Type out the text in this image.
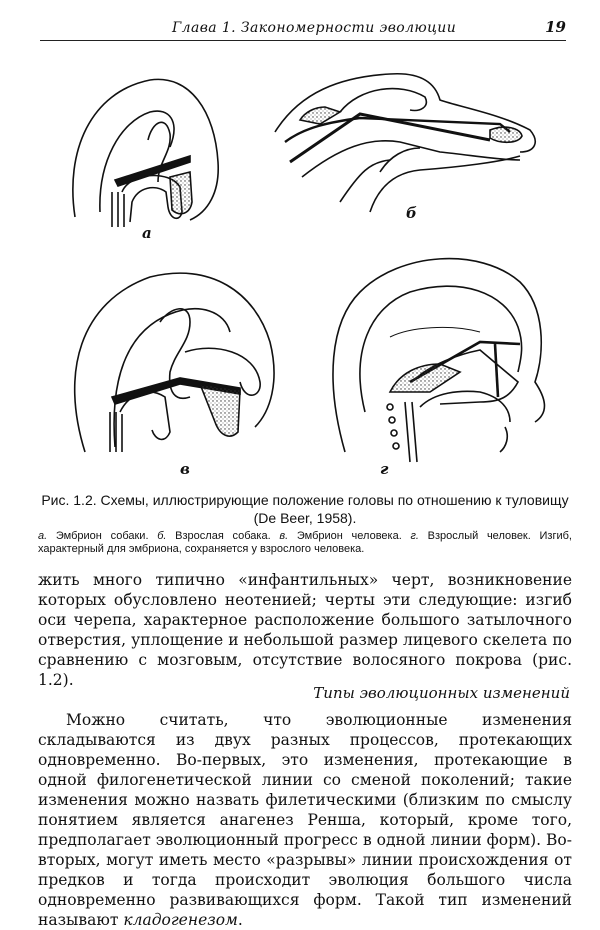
Глава 1. Закономерности эволюции	19
а
б
в	г
Рис. 1.2. Схемы, иллюстрирующие положение головы по отношению к туловищу (De Beer, 1958).
а. Эмбрион собаки. б. Взрослая собака. в. Эмбрион человека. г. Взрослый человек. Изгиб, характерный для эмбриона, сохраняется у взрослого человека.
жить много типично «инфантильных» черт, возникновение которых обусловлено неотенией; черты эти следующие: изгиб оси черепа, характерное расположение большого затылочного отверстия, уплощение и небольшой размер лицевого скелета по сравнению с мозговым, отсутствие волосяного покрова (рис. 1.2).
Типы эволюционных изменений
Можно считать, что эволюционные изменения складываются из двух разных процессов, протекающих одновременно. Во-первых, это изменения, протекающие в одной филогенетической линии со сменой поколений; такие изменения можно назвать филетическими (близким по смыслу понятием является анагенез Ренша, который, кроме того, предполагает эволюционный прогресс в одной линии форм). Во-вторых, могут иметь место «разрывы» линии происхождения от предков и тогда происходит эволюция большого числа одновременно развивающихся форм. Такой тип изменений называют кладогенезом.
